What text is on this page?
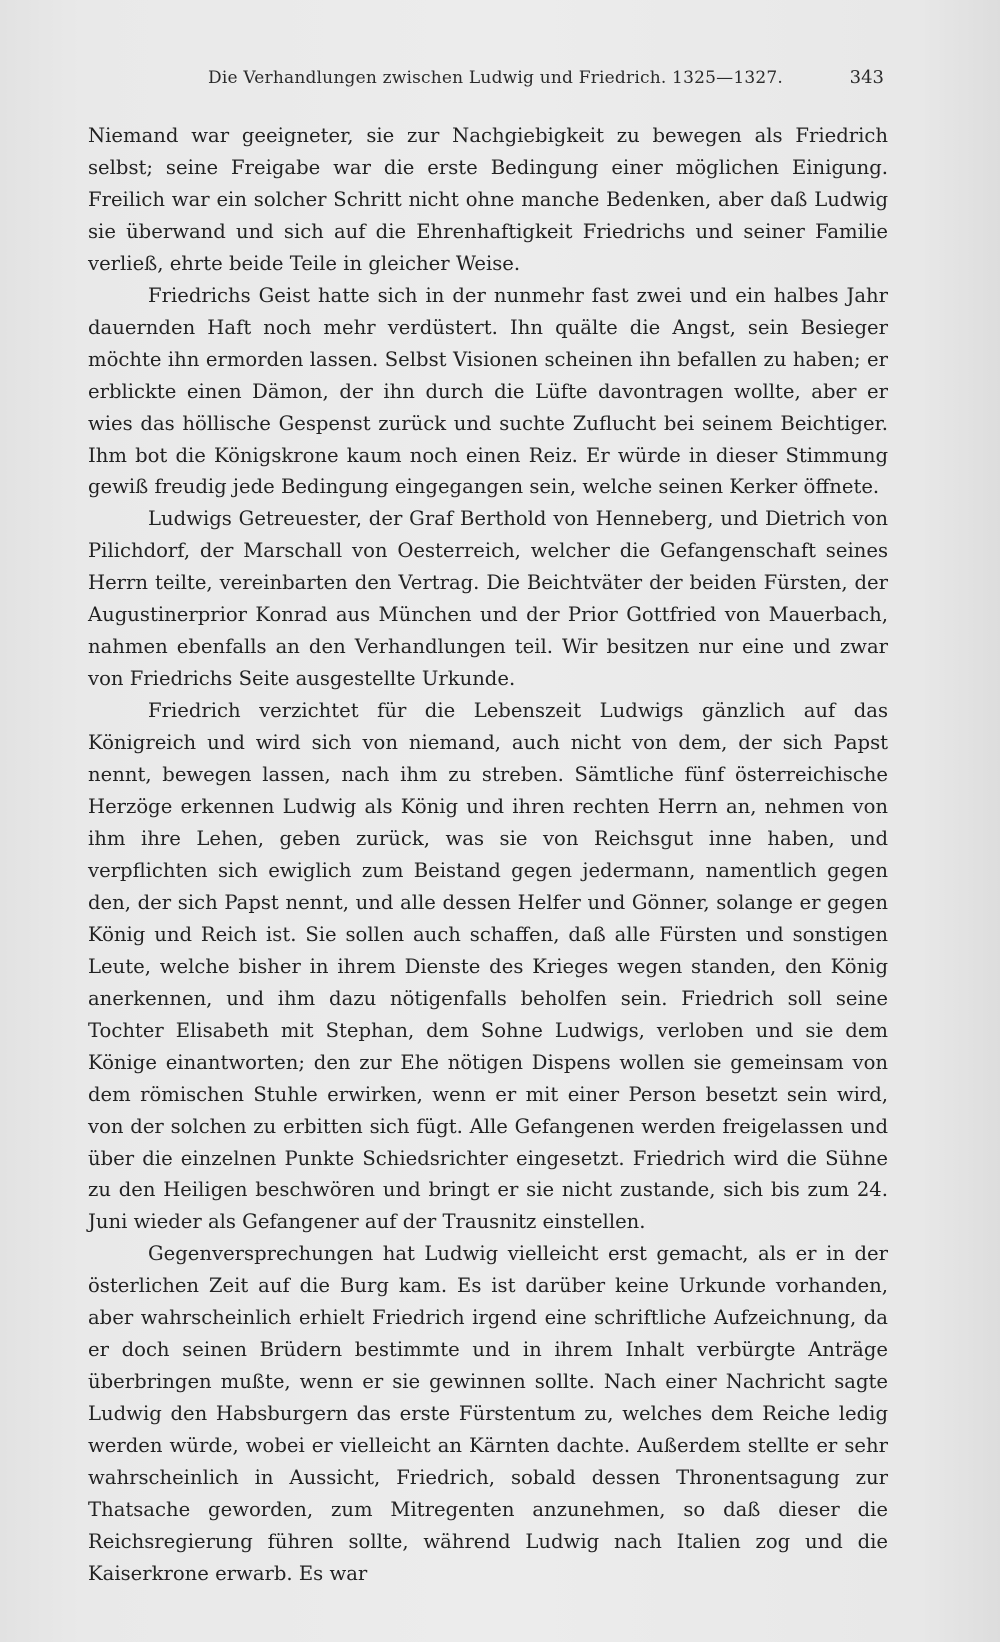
Die Verhandlungen zwischen Ludwig und Friedrich. 1325—1327.	343

Niemand war geeigneter, sie zur Nachgiebigkeit zu bewegen als Friedrich selbst; seine Freigabe war die erste Bedingung einer möglichen Einigung. Freilich war ein solcher Schritt nicht ohne manche Bedenken, aber daß Ludwig sie überwand und sich auf die Ehrenhaftigkeit Friedrichs und seiner Familie verließ, ehrte beide Teile in gleicher Weise.

Friedrichs Geist hatte sich in der nunmehr fast zwei und ein halbes Jahr dauernden Haft noch mehr verdüstert. Ihn quälte die Angst, sein Besieger möchte ihn ermorden lassen. Selbst Visionen scheinen ihn befallen zu haben; er erblickte einen Dämon, der ihn durch die Lüfte davontragen wollte, aber er wies das höllische Gespenst zurück und suchte Zuflucht bei seinem Beichtiger. Ihm bot die Königskrone kaum noch einen Reiz. Er würde in dieser Stimmung gewiß freudig jede Bedingung eingegangen sein, welche seinen Kerker öffnete.

Ludwigs Getreuester, der Graf Berthold von Henneberg, und Dietrich von Pilichdorf, der Marschall von Oesterreich, welcher die Gefangenschaft seines Herrn teilte, vereinbarten den Vertrag. Die Beichtväter der beiden Fürsten, der Augustinerprior Konrad aus München und der Prior Gottfried von Mauerbach, nahmen ebenfalls an den Verhandlungen teil. Wir besitzen nur eine und zwar von Friedrichs Seite ausgestellte Urkunde.

Friedrich verzichtet für die Lebenszeit Ludwigs gänzlich auf das Königreich und wird sich von niemand, auch nicht von dem, der sich Papst nennt, bewegen lassen, nach ihm zu streben. Sämtliche fünf österreichische Herzöge erkennen Ludwig als König und ihren rechten Herrn an, nehmen von ihm ihre Lehen, geben zurück, was sie von Reichsgut inne haben, und verpflichten sich ewiglich zum Beistand gegen jedermann, namentlich gegen den, der sich Papst nennt, und alle dessen Helfer und Gönner, solange er gegen König und Reich ist. Sie sollen auch schaffen, daß alle Fürsten und sonstigen Leute, welche bisher in ihrem Dienste des Krieges wegen standen, den König anerkennen, und ihm dazu nötigenfalls beholfen sein. Friedrich soll seine Tochter Elisabeth mit Stephan, dem Sohne Ludwigs, verloben und sie dem Könige einantworten; den zur Ehe nötigen Dispens wollen sie gemeinsam von dem römischen Stuhle erwirken, wenn er mit einer Person besetzt sein wird, von der solchen zu erbitten sich fügt. Alle Gefangenen werden freigelassen und über die einzelnen Punkte Schiedsrichter eingesetzt. Friedrich wird die Sühne zu den Heiligen beschwören und bringt er sie nicht zustande, sich bis zum 24. Juni wieder als Gefangener auf der Trausnitz einstellen.

Gegenversprechungen hat Ludwig vielleicht erst gemacht, als er in der österlichen Zeit auf die Burg kam. Es ist darüber keine Urkunde vorhanden, aber wahrscheinlich erhielt Friedrich irgend eine schriftliche Aufzeichnung, da er doch seinen Brüdern bestimmte und in ihrem Inhalt verbürgte Anträge überbringen mußte, wenn er sie gewinnen sollte. Nach einer Nachricht sagte Ludwig den Habsburgern das erste Fürstentum zu, welches dem Reiche ledig werden würde, wobei er vielleicht an Kärnten dachte. Außerdem stellte er sehr wahrscheinlich in Aussicht, Friedrich, sobald dessen Thronentsagung zur Thatsache geworden, zum Mitregenten anzunehmen, so daß dieser die Reichsregierung führen sollte, während Ludwig nach Italien zog und die Kaiserkrone erwarb. Es war
